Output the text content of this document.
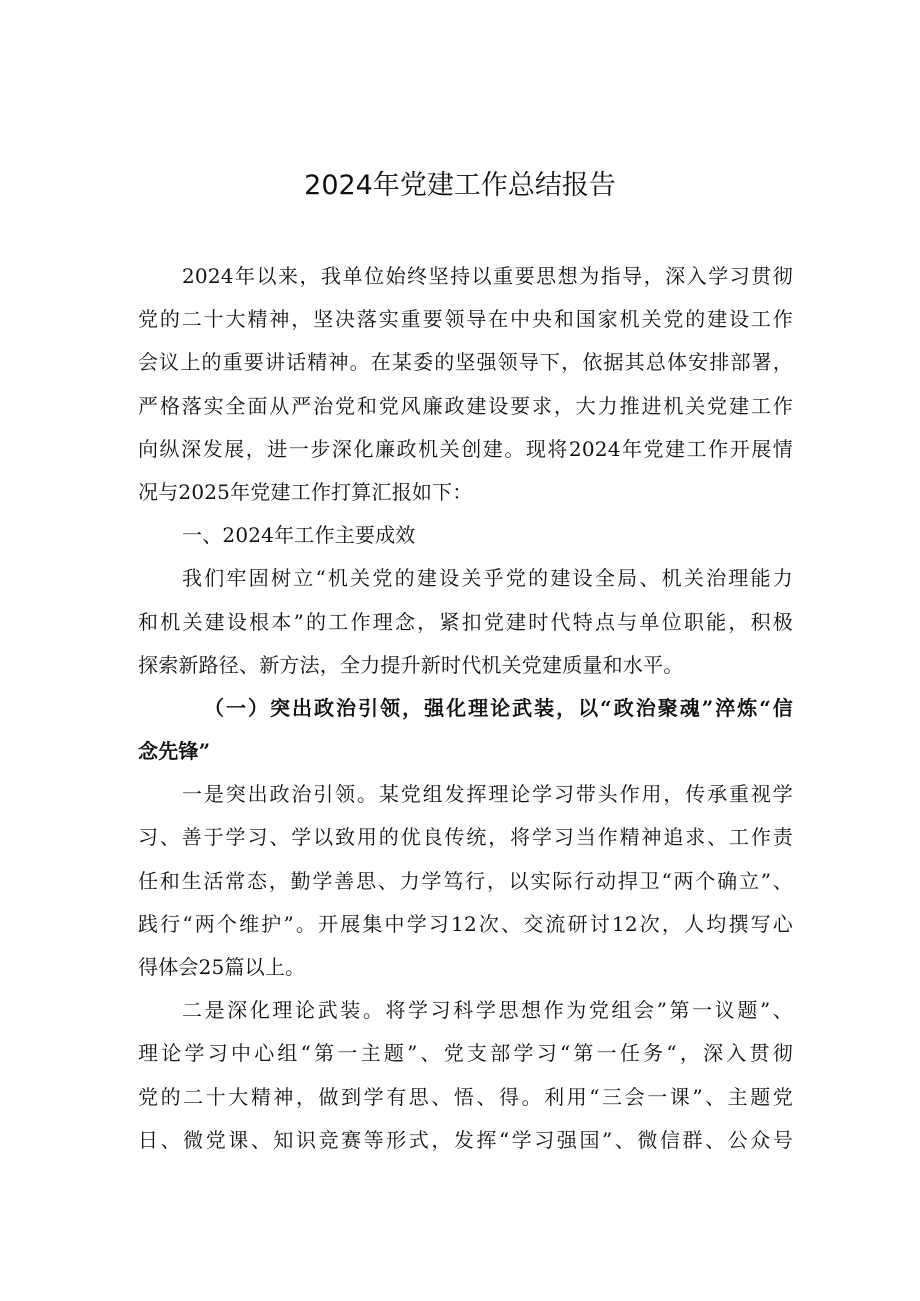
2024年党建工作总结报告
2024年以来，我单位始终坚持以重要思想为指导，深入学习贯彻
党的二十大精神，坚决落实重要领导在中央和国家机关党的建设工作
会议上的重要讲话精神。在某委的坚强领导下，依据其总体安排部署，
严格落实全面从严治党和党风廉政建设要求，大力推进机关党建工作
向纵深发展，进一步深化廉政机关创建。现将2024年党建工作开展情
况与2025年党建工作打算汇报如下：
一、2024年工作主要成效
我们牢固树立“机关党的建设关乎党的建设全局、机关治理能力
和机关建设根本”的工作理念，紧扣党建时代特点与单位职能，积极
探索新路径、新方法，全力提升新时代机关党建质量和水平。
（一）突出政治引领，强化理论武装，以“政治聚魂”淬炼“信
念先锋”
一是突出政治引领。某党组发挥理论学习带头作用，传承重视学
习、善于学习、学以致用的优良传统，将学习当作精神追求、工作责
任和生活常态，勤学善思、力学笃行，以实际行动捍卫“两个确立”、
践行“两个维护”。开展集中学习12次、交流研讨12次，人均撰写心
得体会25篇以上。
二是深化理论武装。将学习科学思想作为党组会”第一议题”、
理论学习中心组“第一主题”、党支部学习“第一任务“，深入贯彻
党的二十大精神，做到学有思、悟、得。利用“三会一课”、主题党
日、微党课、知识竞赛等形式，发挥“学习强国”、微信群、公众号
